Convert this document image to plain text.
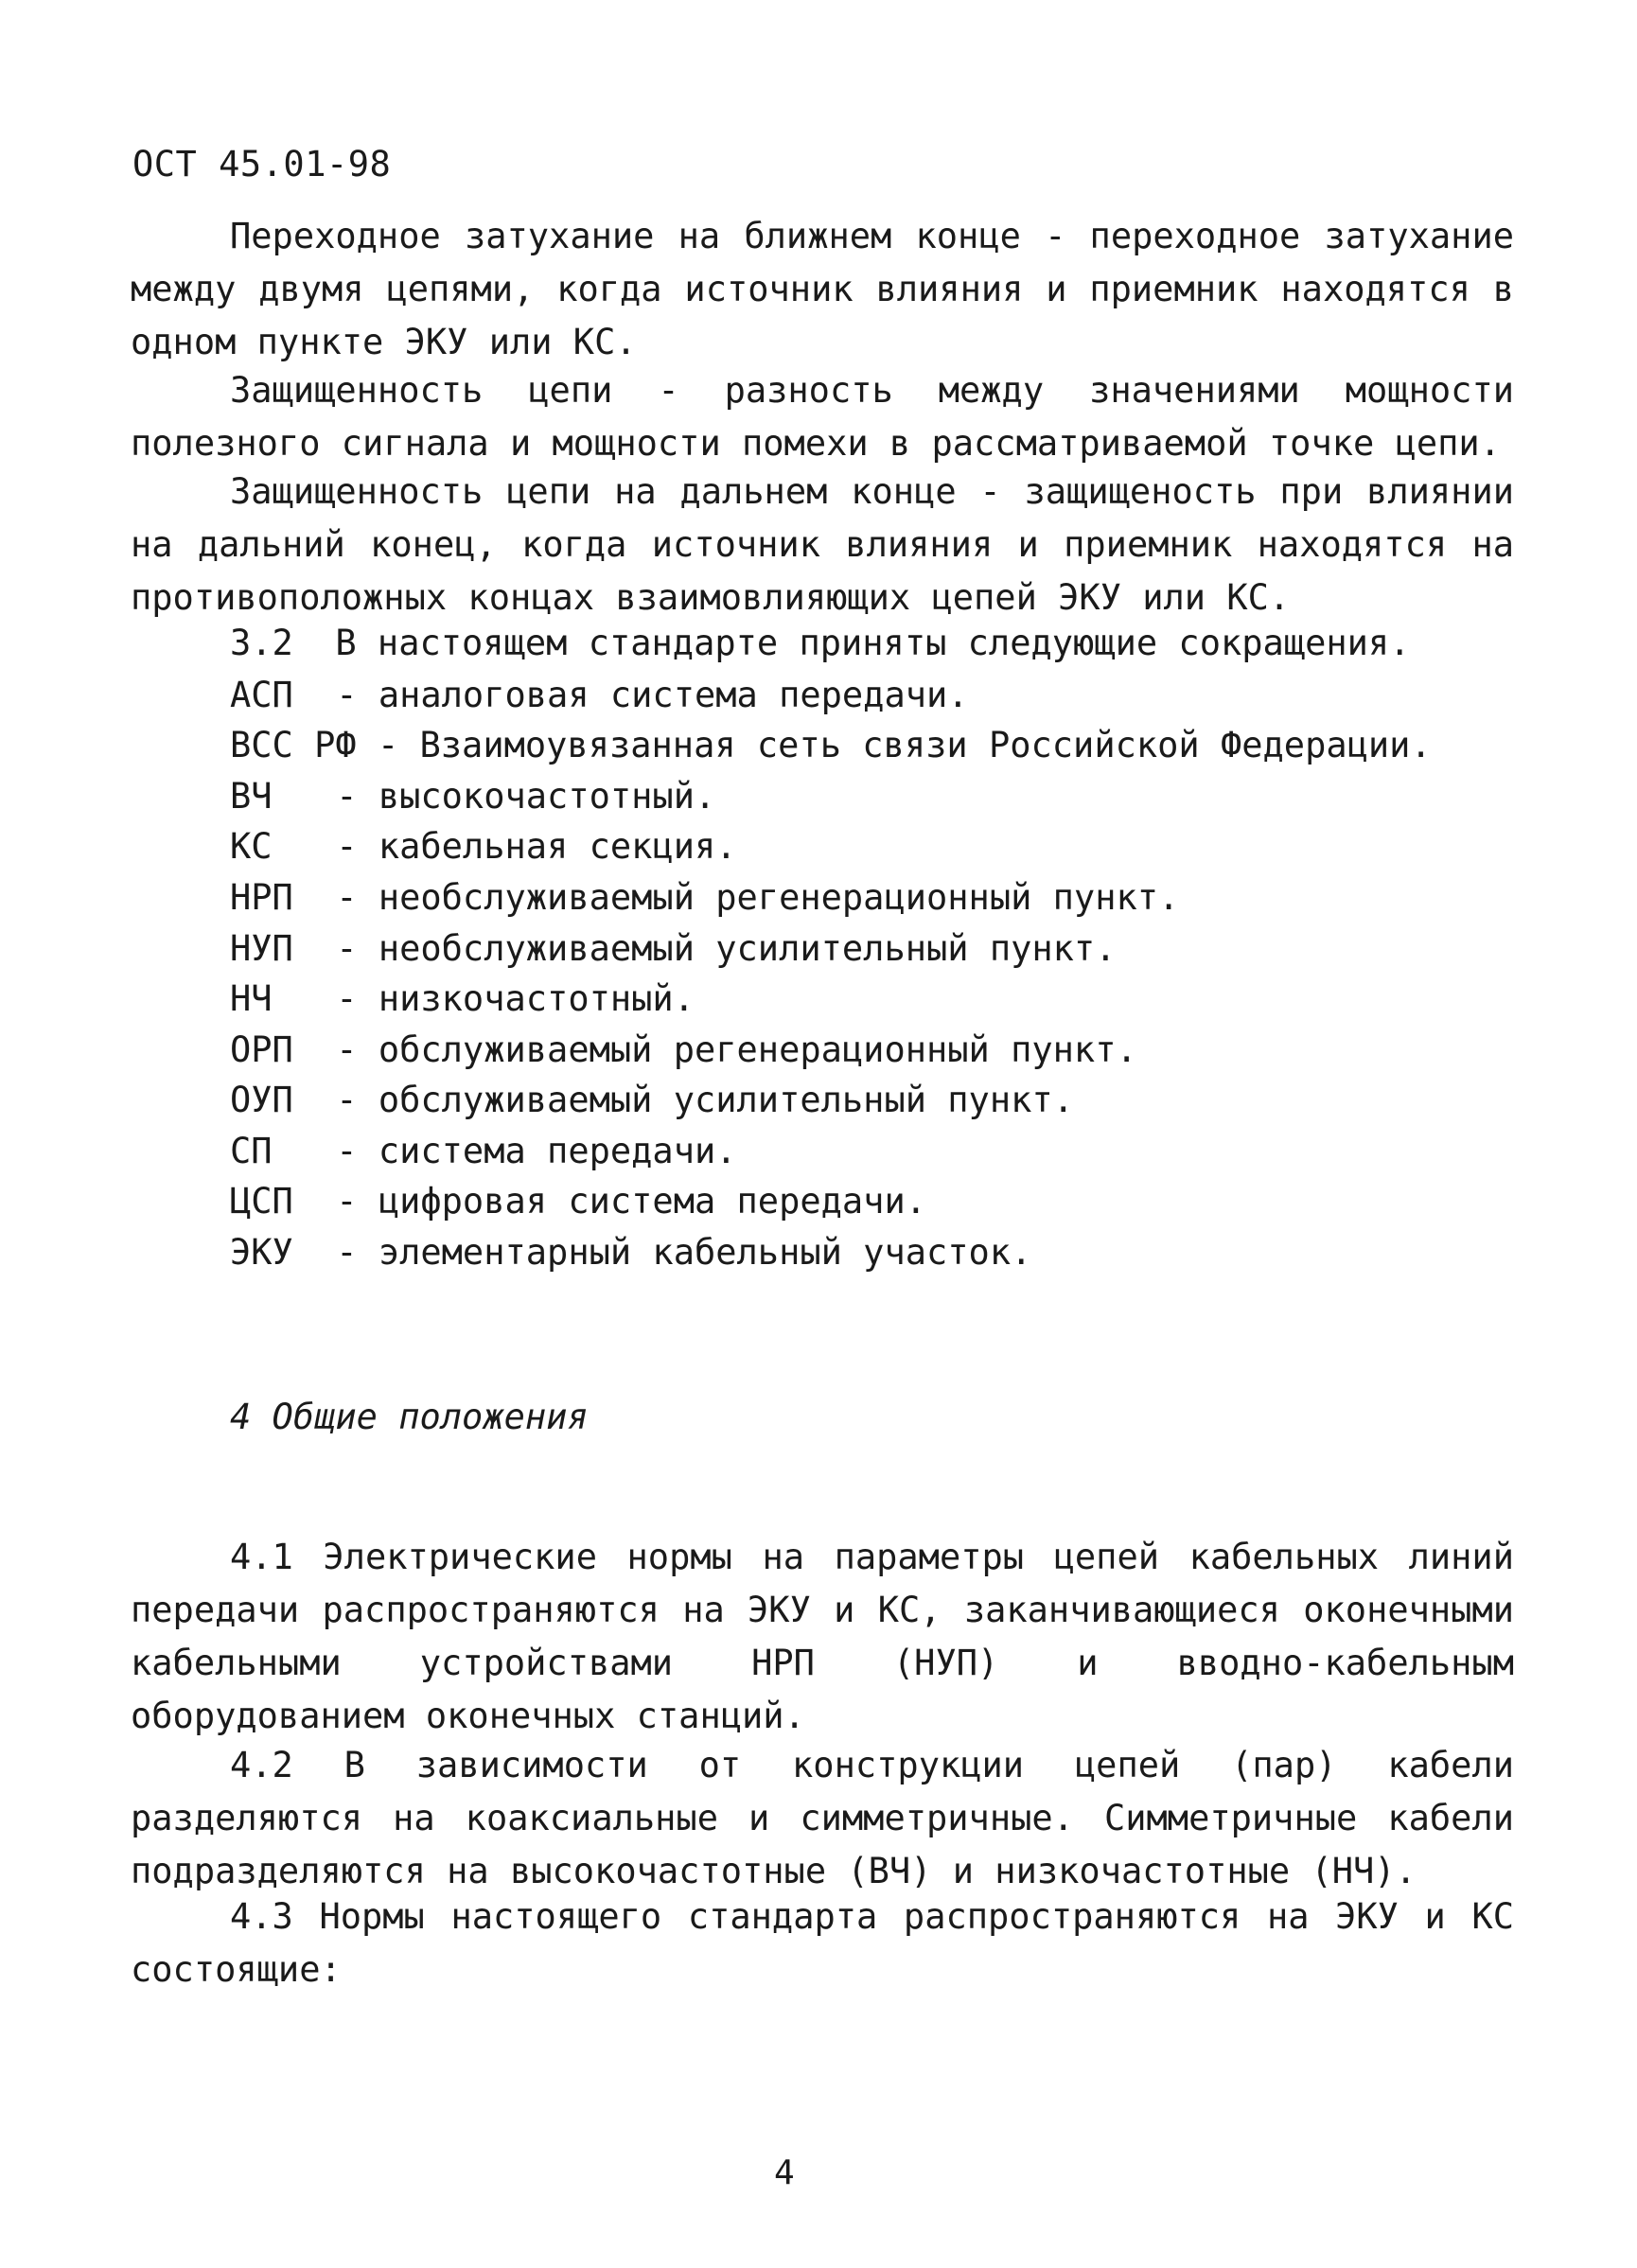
ОСТ 45.01-98
Переходное затухание на ближнем конце - переходное затухание между двумя цепями, когда источник влияния и приемник находятся в одном пункте ЭКУ или КС.
Защищенность цепи - разность между значениями мощности полезного сигнала и мощности помехи в рассматриваемой точке цепи.
Защищенность цепи на дальнем конце - защищеность при влиянии на дальний конец, когда источник влияния и приемник находятся на противоположных концах взаимовлияющих цепей ЭКУ или КС.
3.2  В настоящем стандарте приняты следующие сокращения.
АСП - аналоговая система передачи.
ВСС РФ - Взаимоувязанная сеть связи Российской Федерации.
ВЧ - высокочастотный.
КС - кабельная секция.
НРП - необслуживаемый регенерационный пункт.
НУП - необслуживаемый усилительный пункт.
НЧ - низкочастотный.
ОРП - обслуживаемый регенерационный пункт.
ОУП - обслуживаемый усилительный пункт.
СП - система передачи.
ЦСП - цифровая система передачи.
ЭКУ - элементарный кабельный участок.
4 Общие положения
4.1 Электрические нормы на параметры цепей кабельных линий передачи распространяются на ЭКУ и КС, заканчивающиеся оконечными кабельными устройствами НРП (НУП) и вводно-кабельным оборудованием оконечных станций.
4.2 В зависимости от конструкции цепей (пар) кабели разделяются на коаксиальные и симметричные. Симметричные кабели подразделяются на высокочастотные (ВЧ) и низкочастотные (НЧ).
4.3 Нормы настоящего стандарта распространяются на ЭКУ и КС состоящие:
4
